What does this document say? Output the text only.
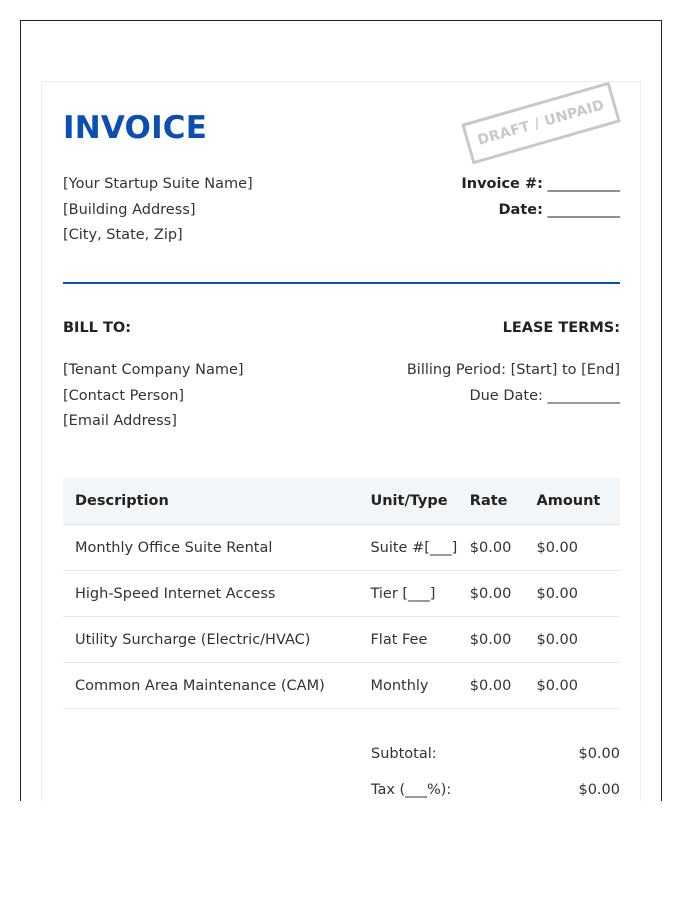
INVOICE	DRAFT / UNPAID
[Your Startup Suite Name]
[Building Address]
[City, State, Zip]
Invoice #: __________
Date: __________
BILL TO:	LEASE TERMS:
[Tenant Company Name]
[Contact Person]
[Email Address]
Billing Period: [Start] to [End]
Due Date: __________
Description	Unit/Type	Rate	Amount
Monthly Office Suite Rental	Suite #[___]	$0.00	$0.00
High-Speed Internet Access	Tier [___]	$0.00	$0.00
Utility Surcharge (Electric/HVAC)	Flat Fee	$0.00	$0.00
Common Area Maintenance (CAM)	Monthly	$0.00	$0.00
Subtotal:	$0.00
Tax (___%):	$0.00
